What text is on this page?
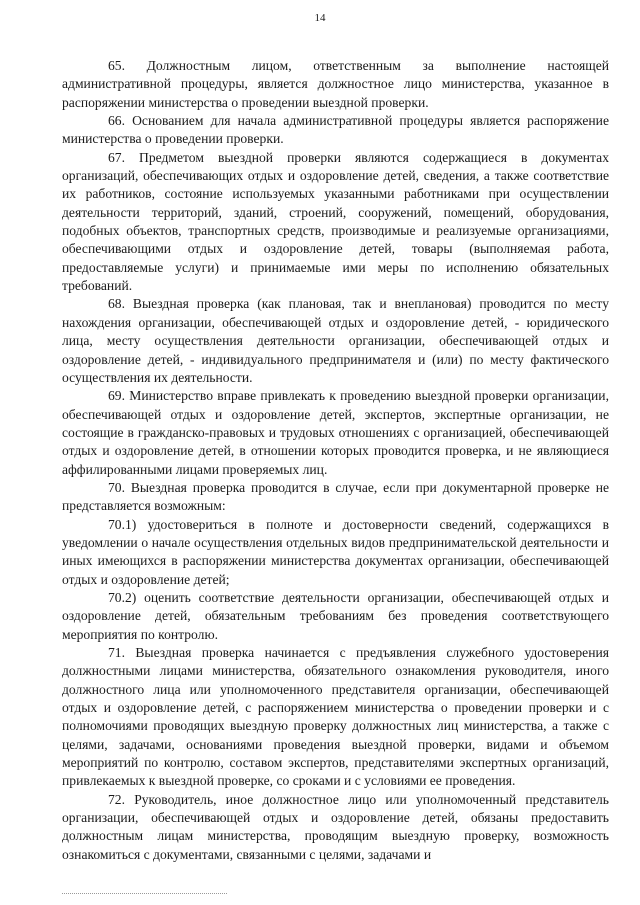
14

65. Должностным лицом, ответственным за выполнение настоящей административной процедуры, является должностное лицо министерства, указанное в распоряжении министерства о проведении выездной проверки.

66. Основанием для начала административной процедуры является распоряжение министерства о проведении проверки.

67. Предметом выездной проверки являются содержащиеся в документах организаций, обеспечивающих отдых и оздоровление детей, сведения, а также соответствие их работников, состояние используемых указанными работниками при осуществлении деятельности территорий, зданий, строений, сооружений, помещений, оборудования, подобных объектов, транспортных средств, производимые и реализуемые организациями, обеспечивающими отдых и оздоровление детей, товары (выполняемая работа, предоставляемые услуги) и принимаемые ими меры по исполнению обязательных требований.

68. Выездная проверка (как плановая, так и внеплановая) проводится по месту нахождения организации, обеспечивающей отдых и оздоровление детей, - юридического лица, месту осуществления деятельности организации, обеспечивающей отдых и оздоровление детей, - индивидуального предпринимателя и (или) по месту фактического осуществления их деятельности.

69. Министерство вправе привлекать к проведению выездной проверки организации, обеспечивающей отдых и оздоровление детей, экспертов, экспертные организации, не состоящие в гражданско-правовых и трудовых отношениях с организацией, обеспечивающей отдых и оздоровление детей, в отношении которых проводится проверка, и не являющиеся аффилированными лицами проверяемых лиц.

70. Выездная проверка проводится в случае, если при документарной проверке не представляется возможным:

70.1) удостовериться в полноте и достоверности сведений, содержащихся в уведомлении о начале осуществления отдельных видов предпринимательской деятельности и иных имеющихся в распоряжении министерства документах организации, обеспечивающей отдых и оздоровление детей;

70.2) оценить соответствие деятельности организации, обеспечивающей отдых и оздоровление детей, обязательным требованиям без проведения соответствующего мероприятия по контролю.

71. Выездная проверка начинается с предъявления служебного удостоверения должностными лицами министерства, обязательного ознакомления руководителя, иного должностного лица или уполномоченного представителя организации, обеспечивающей отдых и оздоровление детей, с распоряжением министерства о проведении проверки и с полномочиями проводящих выездную проверку должностных лиц министерства, а также с целями, задачами, основаниями проведения выездной проверки, видами и объемом мероприятий по контролю, составом экспертов, представителями экспертных организаций, привлекаемых к выездной проверке, со сроками и с условиями ее проведения.

72. Руководитель, иное должностное лицо или уполномоченный представитель организации, обеспечивающей отдых и оздоровление детей, обязаны предоставить должностным лицам министерства, проводящим выездную проверку, возможность ознакомиться с документами, связанными с целями, задачами и
